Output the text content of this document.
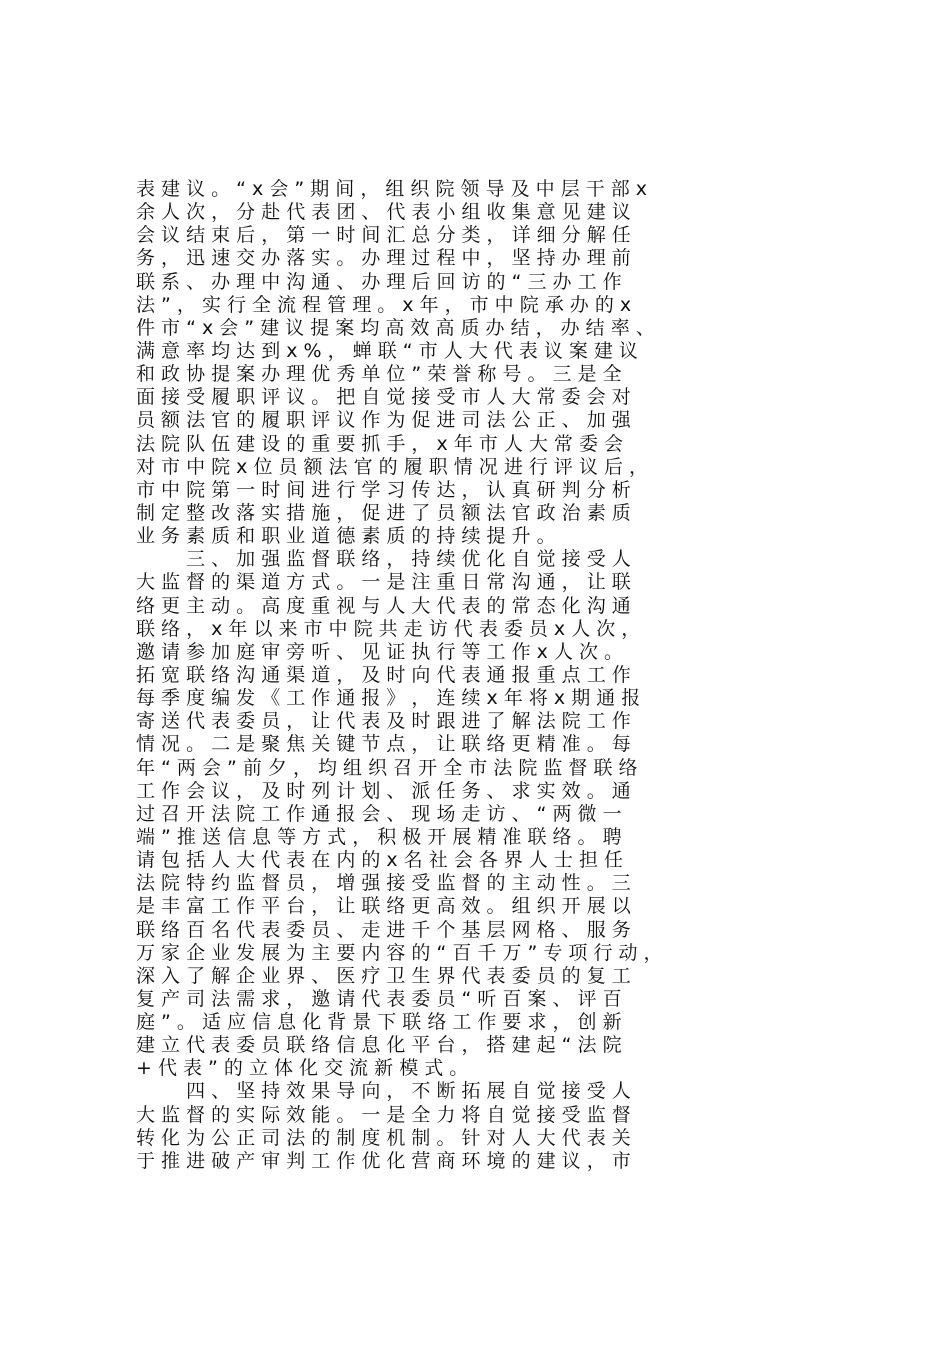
表 建 议 。 “ x 会 ” 期 间 ， 组 织 院 领 导 及 中 层 干 部 x
余 人 次 ， 分 赴 代 表 团 、 代 表 小 组 收 集 意 见 建 议
会 议 结 束 后 ， 第 一 时 间 汇 总 分 类 ， 详 细 分 解 任
务 ， 迅 速 交 办 落 实 。 办 理 过 程 中 ， 坚 持 办 理 前
联 系 、 办 理 中 沟 通 、 办 理 后 回 访 的 “ 三 办 工 作
法 ” ， 实 行 全 流 程 管 理 。 x 年 ， 市 中 院 承 办 的 x
件 市 “ x 会 ” 建 议 提 案 均 高 效 高 质 办 结 ， 办 结 率 、
满 意 率 均 达 到 x % ， 蝉 联 “ 市 人 大 代 表 议 案 建 议
和 政 协 提 案 办 理 优 秀 单 位 ” 荣 誉 称 号 。 三 是 全
面 接 受 履 职 评 议 。 把 自 觉 接 受 市 人 大 常 委 会 对
员 额 法 官 的 履 职 评 议 作 为 促 进 司 法 公 正 、 加 强
法 院 队 伍 建 设 的 重 要 抓 手 ， x 年 市 人 大 常 委 会
对 市 中 院 x 位 员 额 法 官 的 履 职 情 况 进 行 评 议 后 ，
市 中 院 第 一 时 间 进 行 学 习 传 达 ， 认 真 研 判 分 析
制 定 整 改 落 实 措 施 ， 促 进 了 员 额 法 官 政 治 素 质
业 务 素 质 和 职 业 道 德 素 质 的 持 续 提 升 。
　 　 三 、 加 强 监 督 联 络 ， 持 续 优 化 自 觉 接 受 人
大 监 督 的 渠 道 方 式 。 一 是 注 重 日 常 沟 通 ， 让 联
络 更 主 动 。 高 度 重 视 与 人 大 代 表 的 常 态 化 沟 通
联 络 ， x 年 以 来 市 中 院 共 走 访 代 表 委 员 x 人 次 ，
邀 请 参 加 庭 审 旁 听 、 见 证 执 行 等 工 作 x 人 次 。
拓 宽 联 络 沟 通 渠 道 ， 及 时 向 代 表 通 报 重 点 工 作
每 季 度 编 发 《 工 作 通 报 》 ， 连 续 x 年 将 x 期 通 报
寄 送 代 表 委 员 ， 让 代 表 及 时 跟 进 了 解 法 院 工 作
情 况 。 二 是 聚 焦 关 键 节 点 ， 让 联 络 更 精 准 。 每
年 “ 两 会 ” 前 夕 ， 均 组 织 召 开 全 市 法 院 监 督 联 络
工 作 会 议 ， 及 时 列 计 划 、 派 任 务 、 求 实 效 。 通
过 召 开 法 院 工 作 通 报 会 、 现 场 走 访 、 “ 两 微 一
端 ” 推 送 信 息 等 方 式 ， 积 极 开 展 精 准 联 络 。 聘
请 包 括 人 大 代 表 在 内 的 x 名 社 会 各 界 人 士 担 任
法 院 特 约 监 督 员 ， 增 强 接 受 监 督 的 主 动 性 。 三
是 丰 富 工 作 平 台 ， 让 联 络 更 高 效 。 组 织 开 展 以
联 络 百 名 代 表 委 员 、 走 进 千 个 基 层 网 格 、 服 务
万 家 企 业 发 展 为 主 要 内 容 的 “ 百 千 万 ” 专 项 行 动 ，
深 入 了 解 企 业 界 、 医 疗 卫 生 界 代 表 委 员 的 复 工
复 产 司 法 需 求 ， 邀 请 代 表 委 员 “ 听 百 案 、 评 百
庭 ” 。 适 应 信 息 化 背 景 下 联 络 工 作 要 求 ， 创 新
建 立 代 表 委 员 联 络 信 息 化 平 台 ， 搭 建 起 “ 法 院
+ 代 表 ” 的 立 体 化 交 流 新 模 式 。
　 　 四 、 坚 持 效 果 导 向 ， 不 断 拓 展 自 觉 接 受 人
大 监 督 的 实 际 效 能 。 一 是 全 力 将 自 觉 接 受 监 督
转 化 为 公 正 司 法 的 制 度 机 制 。 针 对 人 大 代 表 关
于 推 进 破 产 审 判 工 作 优 化 营 商 环 境 的 建 议 ， 市
